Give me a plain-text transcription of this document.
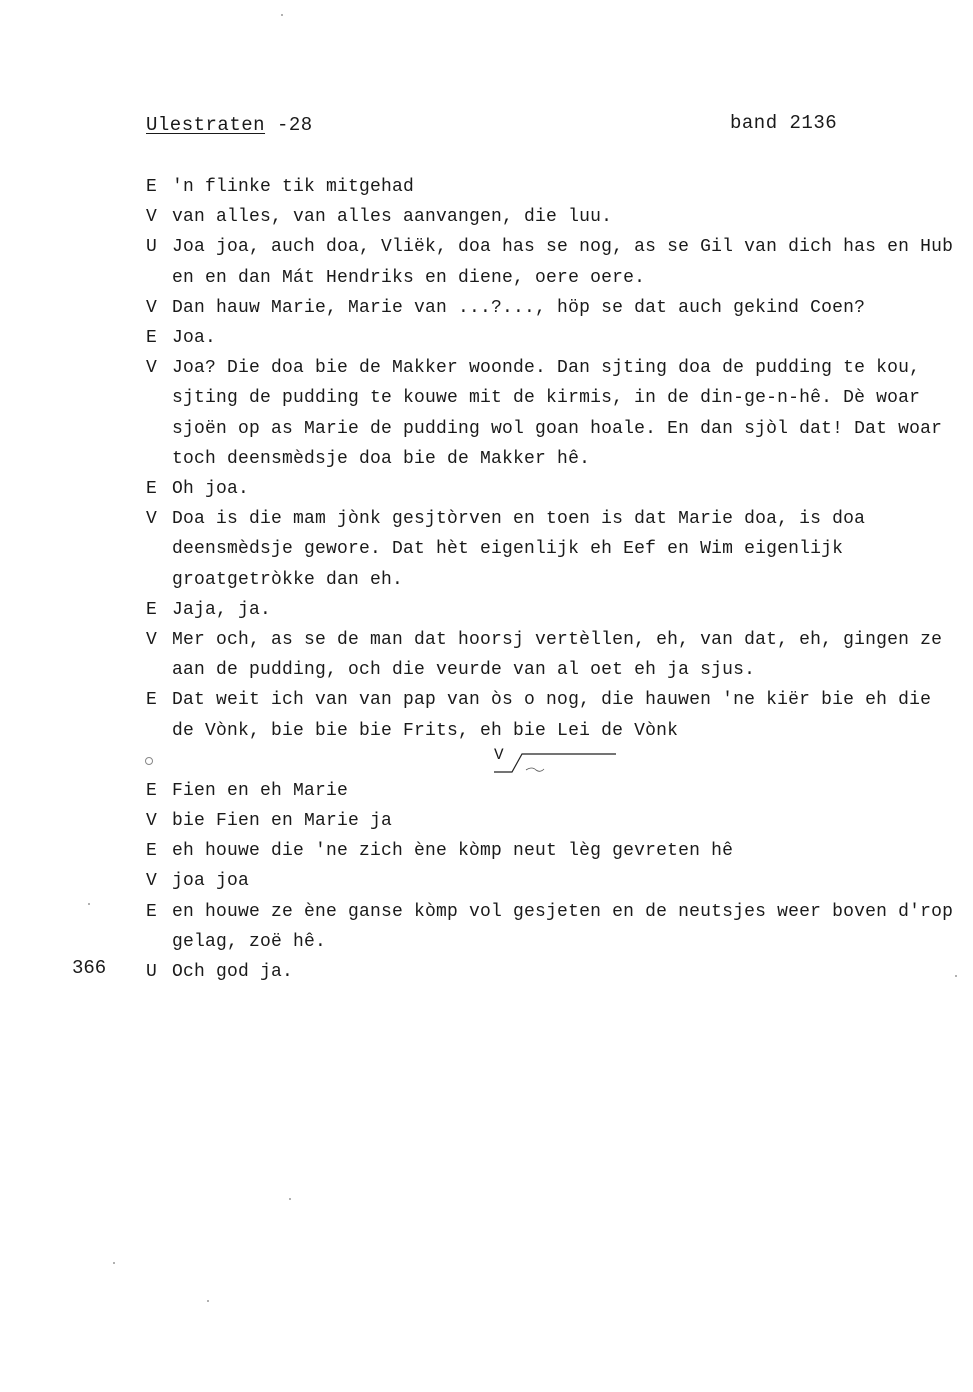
Ulestraten -28	band 2136
E 'n flinke tik mitgehad
V van alles, van alles aanvangen, die luu.
U Joa joa, auch doa, Vliëk, doa has se nog, as se Gil van dich has en Hub en en dan Mát Hendriks en diene, oere oere.
V Dan hauw Marie, Marie van ...?..., höp se dat auch gekind Coen?
E Joa.
V Joa? Die doa bie de Makker woonde. Dan sjting doa de pudding te kou, sjting de pudding te kouwe mit de kirmis, in de din-ge-n-hê. Dè woar sjoën op as Marie de pudding wol goan hoale. En dan sjòl dat! Dat woar toch deensmèdsje doa bie de Makker hê.
E Oh joa.
V Doa is die mam jònk gesjtòrven en toen is dat Marie doa, is doa deensmèdsje gewore. Dat hèt eigenlijk eh Eef en Wim eigenlijk groatgetròkke dan eh.
E Jaja, ja.
V Mer och, as se de man dat hoorsj vertèllen, eh, van dat, eh, gingen ze aan de pudding, och die veurde van al oet eh ja sjus.
E Dat weit ich van van pap van òs o nog, die hauwen 'ne kiër bie eh die de Vònk, bie bie bie Frits, eh bie Lei de Vònk
V
E Fien en eh Marie
V bie Fien en Marie ja
E eh houwe die 'ne zich ène kòmp neut lèg gevreten hê
V joa joa
E en houwe ze ène ganse kòmp vol gesjeten en de neutsjes weer boven d'rop gelag, zoë hê.
U Och god ja.
366
